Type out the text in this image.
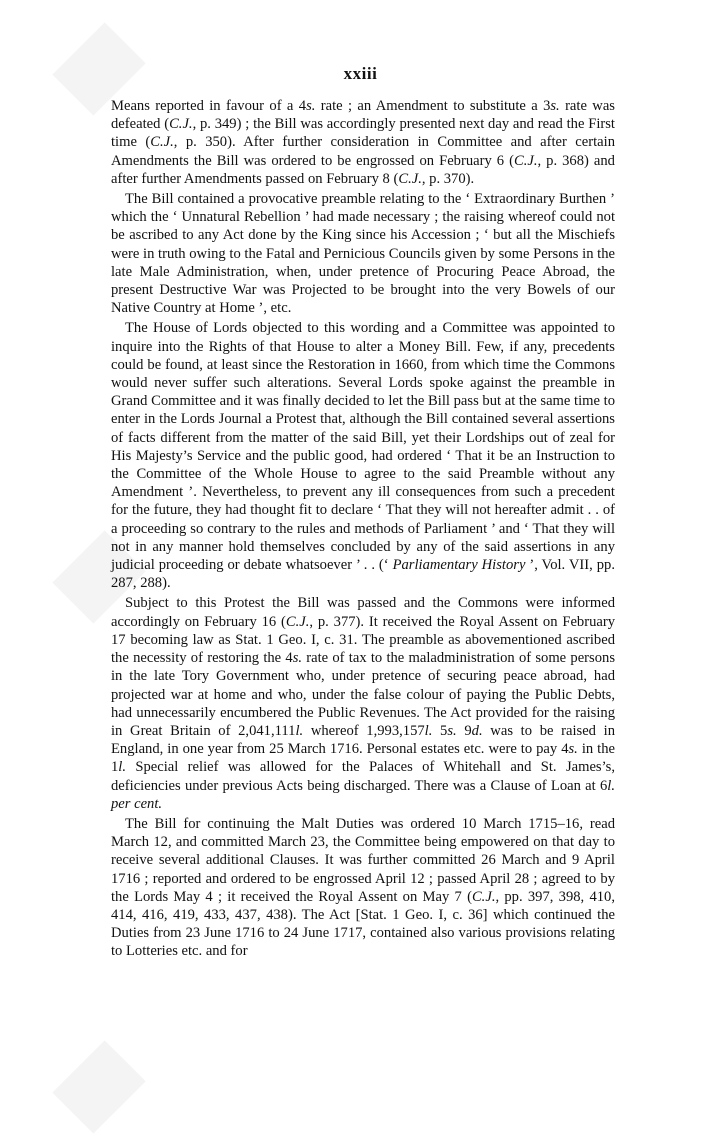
xxiii

Means reported in favour of a 4s. rate ; an Amendment to substitute a 3s. rate was defeated (C.J., p. 349) ; the Bill was accordingly presented next day and read the First time (C.J., p. 350). After further consideration in Committee and after certain Amendments the Bill was ordered to be engrossed on February 6 (C.J., p. 368) and after further Amendments passed on February 8 (C.J., p. 370).

The Bill contained a provocative preamble relating to the ‘ Extraordinary Burthen ’ which the ‘ Unnatural Rebellion ’ had made necessary ; the raising whereof could not be ascribed to any Act done by the King since his Accession ; ‘ but all the Mischiefs were in truth owing to the Fatal and Pernicious Councils given by some Persons in the late Male Administration, when, under pretence of Procuring Peace Abroad, the present Destructive War was Projected to be brought into the very Bowels of our Native Country at Home ’, etc.

The House of Lords objected to this wording and a Committee was appointed to inquire into the Rights of that House to alter a Money Bill. Few, if any, precedents could be found, at least since the Restoration in 1660, from which time the Commons would never suffer such alterations. Several Lords spoke against the preamble in Grand Committee and it was finally decided to let the Bill pass but at the same time to enter in the Lords Journal a Protest that, although the Bill contained several assertions of facts different from the matter of the said Bill, yet their Lordships out of zeal for His Majesty’s Service and the public good, had ordered ‘ That it be an Instruction to the Committee of the Whole House to agree to the said Preamble without any Amendment ’. Nevertheless, to prevent any ill consequences from such a precedent for the future, they had thought fit to declare ‘ That they will not hereafter admit . . of a proceeding so contrary to the rules and methods of Parliament ’ and ‘ That they will not in any manner hold themselves concluded by any of the said assertions in any judicial proceeding or debate whatsoever ’ . . (‘ Parliamentary History ’, Vol. VII, pp. 287, 288).

Subject to this Protest the Bill was passed and the Commons were informed accordingly on February 16 (C.J., p. 377). It received the Royal Assent on February 17 becoming law as Stat. 1 Geo. I, c. 31. The preamble as abovementioned ascribed the necessity of restoring the 4s. rate of tax to the maladministration of some persons in the late Tory Government who, under pretence of securing peace abroad, had projected war at home and who, under the false colour of paying the Public Debts, had unnecessarily encumbered the Public Revenues. The Act provided for the raising in Great Britain of 2,041,111l. whereof 1,993,157l. 5s. 9d. was to be raised in England, in one year from 25 March 1716. Personal estates etc. were to pay 4s. in the 1l. Special relief was allowed for the Palaces of Whitehall and St. James’s, deficiencies under previous Acts being discharged. There was a Clause of Loan at 6l. per cent.

The Bill for continuing the Malt Duties was ordered 10 March 1715–16, read March 12, and committed March 23, the Committee being empowered on that day to receive several additional Clauses. It was further committed 26 March and 9 April 1716 ; reported and ordered to be engrossed April 12 ; passed April 28 ; agreed to by the Lords May 4 ; it received the Royal Assent on May 7 (C.J., pp. 397, 398, 410, 414, 416, 419, 433, 437, 438). The Act [Stat. 1 Geo. I, c. 36] which continued the Duties from 23 June 1716 to 24 June 1717, contained also various provisions relating to Lotteries etc. and for
